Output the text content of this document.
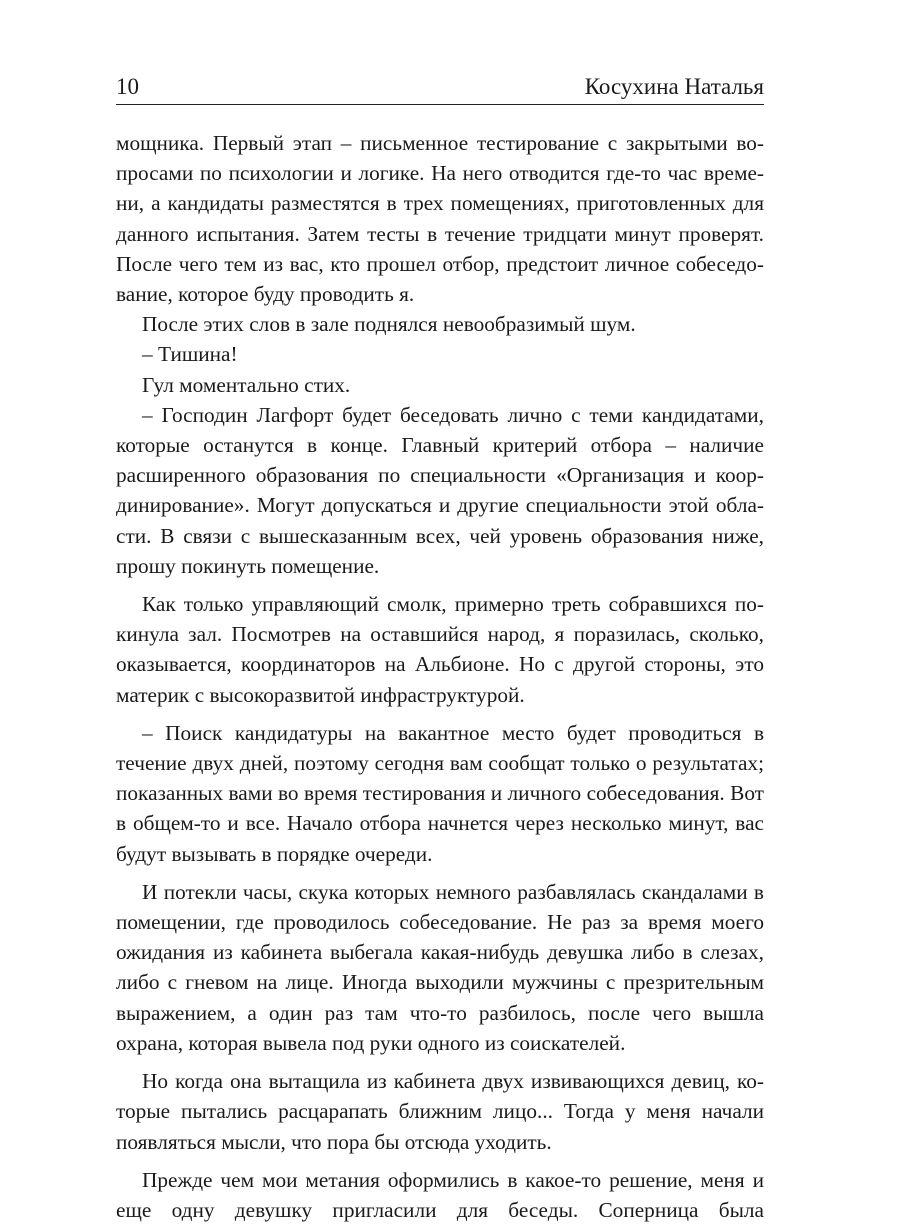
10	Косухина Наталья

мощника. Первый этап – письменное тестирование с закрытыми вопросами по психологии и логике. На него отводится где-то час времени, а кандидаты разместятся в трех помещениях, приготовленных для данного испытания. Затем тесты в течение тридцати минут проверят. После чего тем из вас, кто прошел отбор, предстоит личное собеседование, которое буду проводить я.

После этих слов в зале поднялся невообразимый шум.

– Тишина!

Гул моментально стих.

– Господин Лагфорт будет беседовать лично с теми кандидатами, которые останутся в конце. Главный критерий отбора – наличие расширенного образования по специальности «Организация и координирование». Могут допускаться и другие специальности этой области. В связи с вышесказанным всех, чей уровень образования ниже, прошу покинуть помещение.

Как только управляющий смолк, примерно треть собравшихся покинула зал. Посмотрев на оставшийся народ, я поразилась, сколько, оказывается, координаторов на Альбионе. Но с другой стороны, это материк с высокоразвитой инфраструктурой.

– Поиск кандидатуры на вакантное место будет проводиться в течение двух дней, поэтому сегодня вам сообщат только о результатах; показанных вами во время тестирования и личного собеседования. Вот в общем-то и все. Начало отбора начнется через несколько минут, вас будут вызывать в порядке очереди.

И потекли часы, скука которых немного разбавлялась скандалами в помещении, где проводилось собеседование. Не раз за время моего ожидания из кабинета выбегала какая-нибудь девушка либо в слезах, либо с гневом на лице. Иногда выходили мужчины с презрительным выражением, а один раз там что-то разбилось, после чего вышла охрана, которая вывела под руки одного из соискателей.

Но когда она вытащила из кабинета двух извивающихся девиц, которые пытались расцарапать ближним лицо... Тогда у меня начали появляться мысли, что пора бы отсюда уходить.

Прежде чем мои метания оформились в какое-то решение, меня и еще одну девушку пригласили для беседы. Соперница была
